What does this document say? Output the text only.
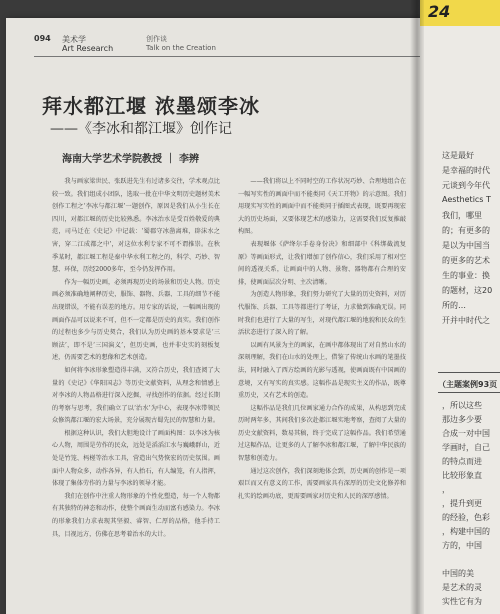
094 美术学
Art Research
创作谈
Talk on the Creation
拜水都江堰 浓墨颂李冰
——《李冰和都江堰》创作记
海南大学艺术学院教授 ｜ 李辨

我与画家梁世民、张跃进先生有过诸多交往，学术观点比较一致。我们组成小团队，选取一批在中华文明历史题材美术创作工程之‘李冰与都江堰’一题创作，原因是我们从小生长在四川，对都江堰的历史比较熟悉。李冰治水是受百姓敬爱的典范，司马迁在《史记》中记载：‘蜀郡守冰凿离堆，辟沫水之害，穿二江成都之中’，对这位水利专家不可不谓推崇。在秋季某时，都江堰工程是秦中华水利工程之的，科学、巧妙、智慧、环保，历经2000多年，至今仍发挥作用。

作为一幅历史画，必须再现历史的场景和历史人物。历史画必须准确地阐释历史，服饰、器物、兵器、工具的细节不能出现错误，不能有误差的地方。用专家的话说，一幅画出现的画面作品可以说来不可，但不一定都是历史的真实。我们创作的过程也多少与历史契合，我们认为历史画的基本要求是‘三顾法’，即不是‘三国演义’，但历史画，也并非史实的刻板复述，仍需要艺术的想像和艺术创造。

如何将李冰形象塑造得丰满，又符合历史，我们查阅了大量的《史记》《华阳国志》等历史文献资料，从理念和情感上对李冰的人物品格进行深入挖掘，寻找创作的依据。经过长期的考察与思考，我们确立了以‘治水’为中心，表现李冰带领民众修筑都江堰的宏大场景，充分展现古蜀先民的智慧和力量。

根据这种认识，我们大胆地设计了画面构图：以李冰为核心人物，周围是劳作的民众，远处是滔滔江水与巍峨群山，近处是竹笼、杩槎等治水工具，营造出气势恢宏的历史氛围。画面中人物众多，动作各异，有人抬石，有人编笼，有人指挥，体现了集体劳作的力量与李冰的领导才能。

我们在创作中注重人物形象的个性化塑造，每一个人物都有其独特的神态和动作，使整个画面生动而富有感染力。李冰的形象我们力求表现其坚毅、睿智、仁厚的品格，他手持工具，目视远方，仿佛在思考着治水的大计。

——我们将以上不同时空的工作状况巧妙、合理地组合在一幅写实性的画面中而不能类同《天工开物》的示意图。我们用现实写实性的画面中而不能类同于插图式表现，既要再现宏大的历史场面，又要体现艺术的感染力，这需要我们反复推敲构图。

表现堰体《萨绛尔手卷身份决》和细部中《科绑截流复原》等画面形式，让我们增加了创作信心，我们采用了相对空间的透视关系，让画面中的人物、景物、器物都有合理的安排，使画面层次分明、主次清晰。

为创造人物形象，我们努力研究了大量的历史资料，对历代服饰、兵器、工具等都进行了考证，力求做到准确无误。同时我们也进行了大量的写生，对现代都江堰的地貌和民众的生活状态进行了深入的了解。

以画有风景为主的画家，在画中都体现出了对自然山水的深刻理解，我们在山水的处理上，借鉴了传统山水画的笔墨技法，同时融入了西方绘画的光影与透视，使画面既有中国画的意境，又有写实的真实感。这幅作品是现实主义的作品，既尊重历史，又有艺术的创造。

这幅作品是我们几位画家通力合作的成果，从构思到完成历时两年多，其间我们多次赴都江堰实地考察，查阅了大量的历史文献资料，数易其稿，终于完成了这幅作品。我们希望通过这幅作品，让更多的人了解李冰和都江堰，了解中华民族的智慧和创造力。

通过这次创作，我们深刻地体会到，历史画的创作是一项艰巨而又有意义的工作，需要画家具有深厚的历史文化修养和扎实的绘画功底，更需要画家对历史和人民的深厚感情。

24
这是最好
是幸福的时代
元谈到今年代
Aesthetics T
我们，哪里
的；有更多的
是以为中国当
的更多的艺术
生的事业：换
的题材，这20
所的…
开并中时代之
（主题案例93页
，所以这些
那边多少要
合成一对中国
学画时，自己
的特点而进
比较形象直
，
，提升到更
的经验，色彩
，构建中国的
方的，中国
中国的美
是艺术的灵
实性它有为
